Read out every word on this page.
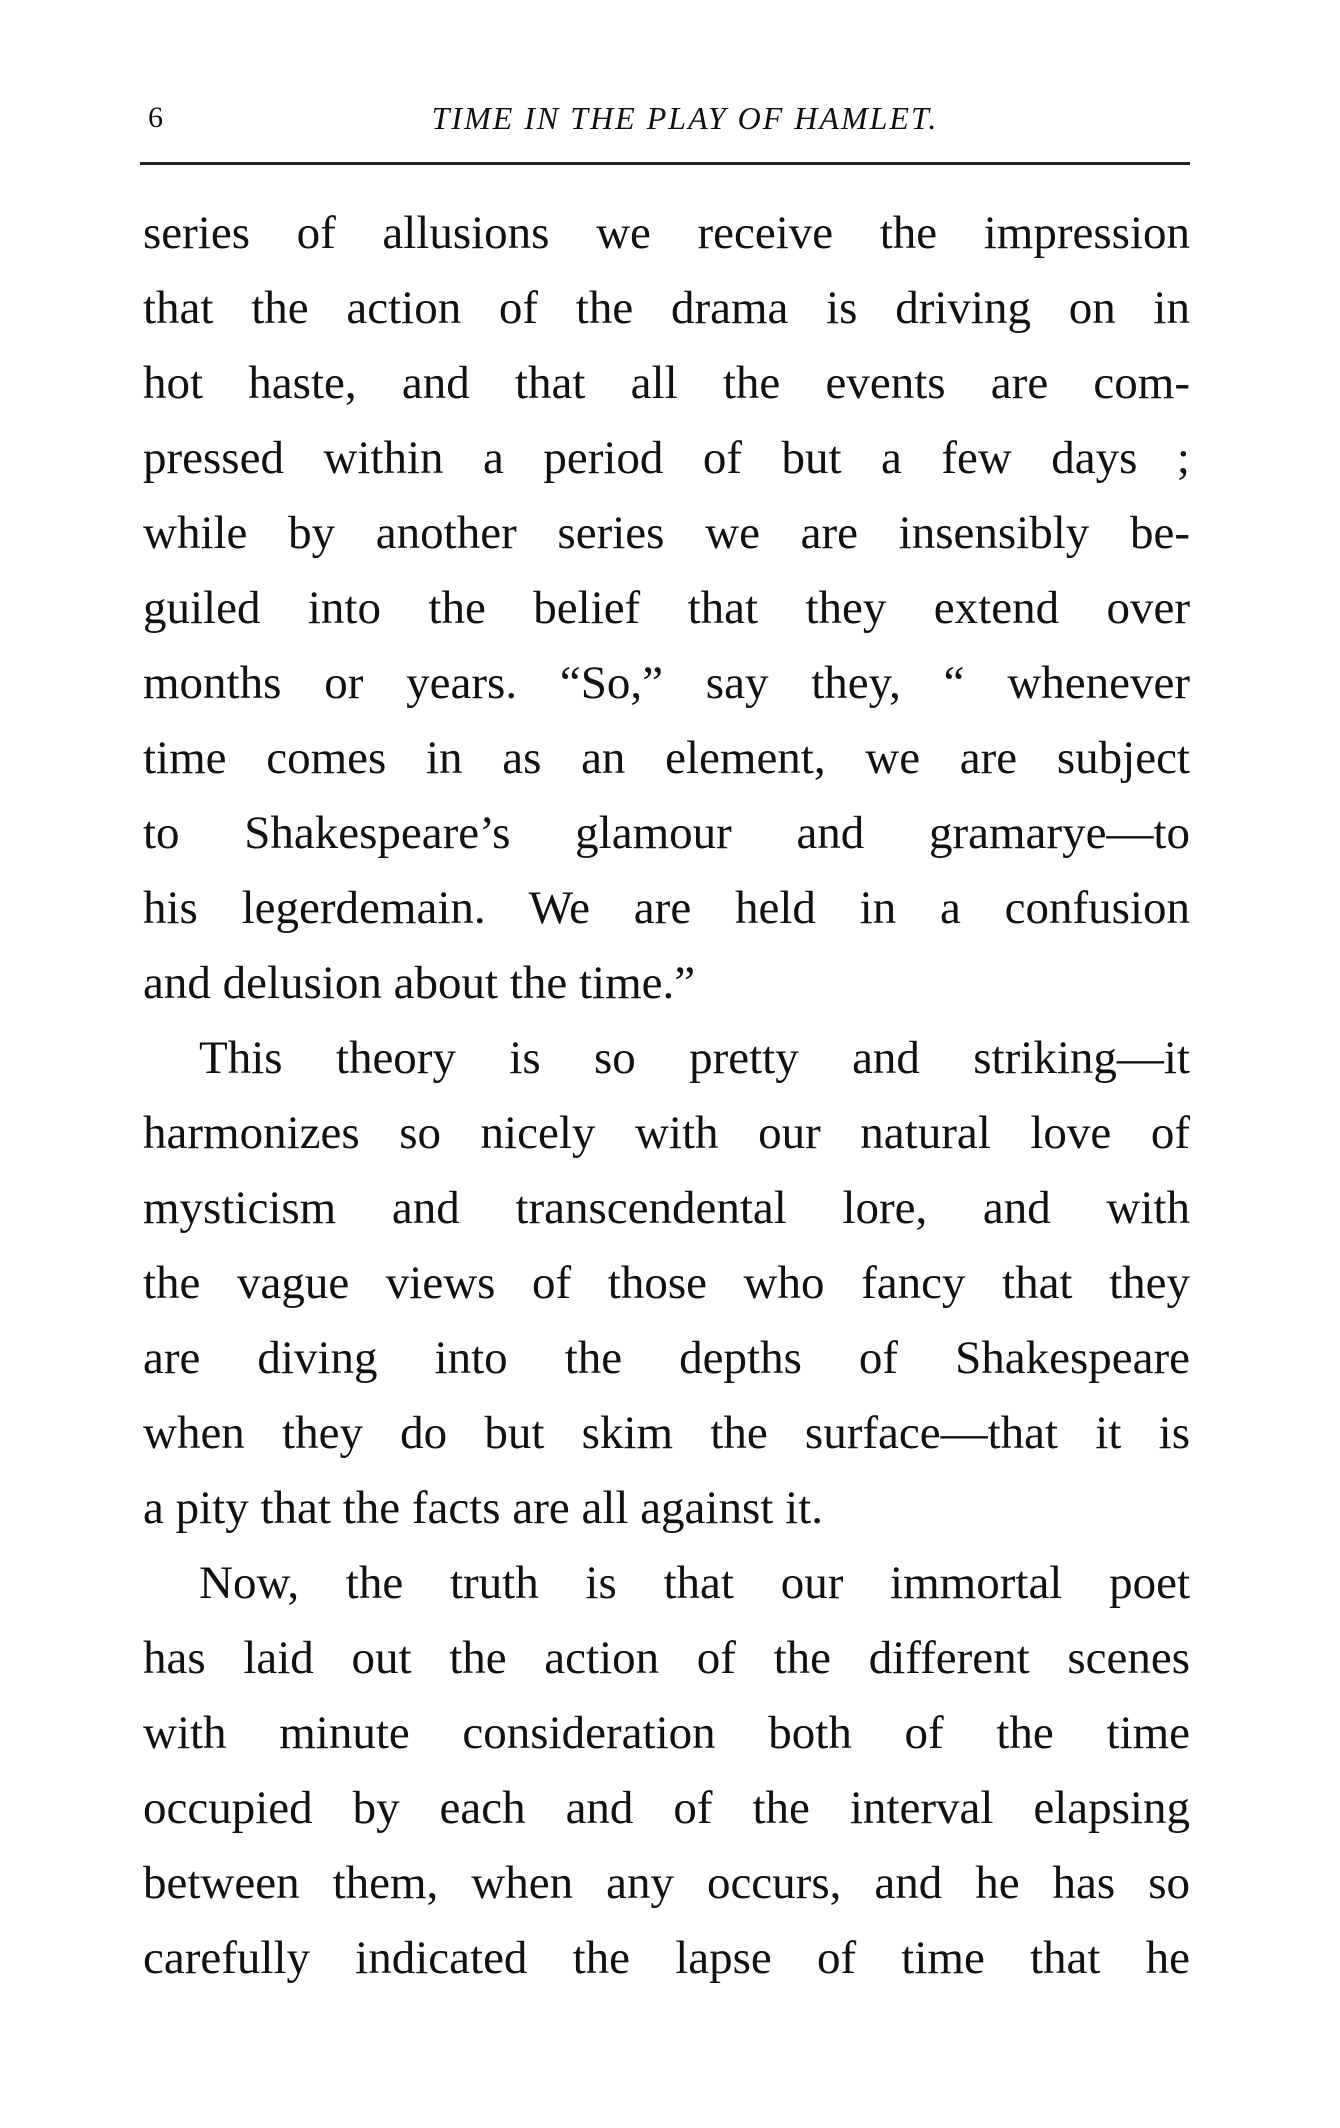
6	TIME IN THE PLAY OF HAMLET.
series of allusions we receive the impression
that the action of the drama is driving on in
hot haste, and that all the events are com-
pressed within a period of but a few days ;
while by another series we are insensibly be-
guiled into the belief that they extend over
months or years. “So,” say they, “ whenever
time comes in as an element, we are subject
to Shakespeare’s glamour and gramarye—to
his legerdemain. We are held in a confusion
and delusion about the time.”
This theory is so pretty and striking—it
harmonizes so nicely with our natural love of
mysticism and transcendental lore, and with
the vague views of those who fancy that they
are diving into the depths of Shakespeare
when they do but skim the surface—that it is
a pity that the facts are all against it.
Now, the truth is that our immortal poet
has laid out the action of the different scenes
with minute consideration both of the time
occupied by each and of the interval elapsing
between them, when any occurs, and he has so
carefully indicated the lapse of time that he
